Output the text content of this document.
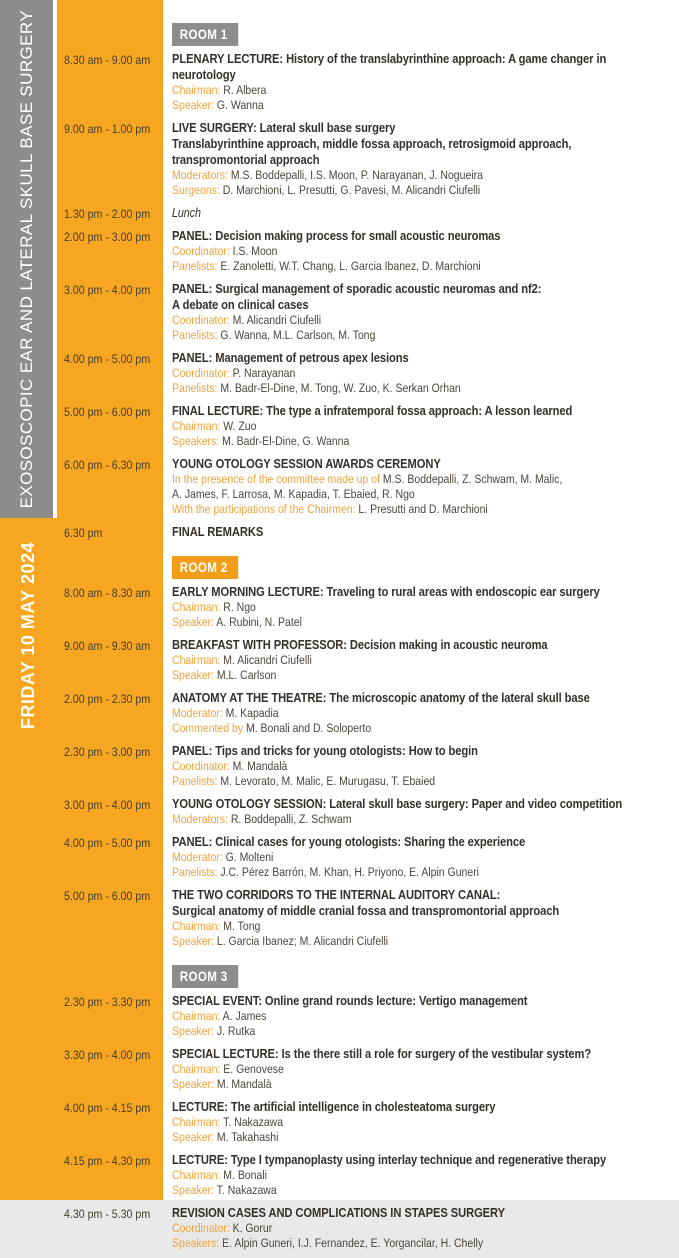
EXOSOSCOPIC EAR AND LATERAL SKULL BASE SURGERY
FRIDAY 10 MAY 2024
ROOM 1
8.30 am - 9.00 am	PLENARY LECTURE: History of the translabyrinthine approach: A game changer in neurotology
Chairman: R. Albera
Speaker: G. Wanna
9.00 am - 1.00 pm	LIVE SURGERY: Lateral skull base surgery
Translabyrinthine approach, middle fossa approach, retrosigmoid approach,
transpromontorial approach
Moderators: M.S. Boddepalli, I.S. Moon, P. Narayanan, J. Nogueira
Surgeons: D. Marchioni, L. Presutti, G. Pavesi, M. Alicandri Ciufelli
1.30 pm - 2.00 pm	Lunch
2.00 pm - 3.00 pm	PANEL: Decision making process for small acoustic neuromas
Coordinator: I.S. Moon
Panelists: E. Zanoletti, W.T. Chang, L. Garcia Ibanez, D. Marchioni
3.00 pm - 4.00 pm	PANEL: Surgical management of sporadic acoustic neuromas and nf2:
A debate on clinical cases
Coordinator: M. Alicandri Ciufelli
Panelists: G. Wanna, M.L. Carlson, M. Tong
4.00 pm - 5.00 pm	PANEL: Management of petrous apex lesions
Coordinator: P. Narayanan
Panelists: M. Badr-El-Dine, M. Tong, W. Zuo, K. Serkan Orhan
5.00 pm - 6.00 pm	FINAL LECTURE: The type a infratemporal fossa approach: A lesson learned
Chairman: W. Zuo
Speakers: M. Badr-El-Dine, G. Wanna
6.00 pm - 6.30 pm	YOUNG OTOLOGY SESSION AWARDS CEREMONY
In the presence of the committee made up of M.S. Boddepalli, Z. Schwam, M. Malic,
A. James, F. Larrosa, M. Kapadia, T. Ebaied, R. Ngo
With the participations of the Chairmen: L. Presutti and D. Marchioni
6.30 pm	FINAL REMARKS
ROOM 2
8.00 am - 8.30 am	EARLY MORNING LECTURE: Traveling to rural areas with endoscopic ear surgery
Chairman: R. Ngo
Speaker: A. Rubini, N. Patel
9.00 am - 9.30 am	BREAKFAST WITH PROFESSOR: Decision making in acoustic neuroma
Chairman: M. Alicandri Ciufelli
Speaker: M.L. Carlson
2.00 pm - 2.30 pm	ANATOMY AT THE THEATRE: The microscopic anatomy of the lateral skull base
Moderator: M. Kapadia
Commented by M. Bonali and D. Soloperto
2.30 pm - 3.00 pm	PANEL: Tips and tricks for young otologists: How to begin
Coordinator: M. Mandalà
Panelists: M. Levorato, M. Malic, E. Murugasu, T. Ebaied
3.00 pm - 4.00 pm	YOUNG OTOLOGY SESSION: Lateral skull base surgery: Paper and video competition
Moderators: R. Boddepalli, Z. Schwam
4.00 pm - 5.00 pm	PANEL: Clinical cases for young otologists: Sharing the experience
Moderator: G. Molteni
Panelists: J.C. Pérez Barrón, M. Khan, H. Priyono, E. Alpin Guneri
5.00 pm - 6.00 pm	THE TWO CORRIDORS TO THE INTERNAL AUDITORY CANAL:
Surgical anatomy of middle cranial fossa and transpromontorial approach
Chairman: M. Tong
Speaker: L. Garcia Ibanez; M. Alicandri Ciufelli
ROOM 3
2.30 pm - 3.30 pm	SPECIAL EVENT: Online grand rounds lecture: Vertigo management
Chairman: A. James
Speaker: J. Rutka
3.30 pm - 4.00 pm	SPECIAL LECTURE: Is the there still a role for surgery of the vestibular system?
Chairman: E. Genovese
Speaker: M. Mandalà
4.00 pm - 4.15 pm	LECTURE: The artificial intelligence in cholesteatoma surgery
Chairman: T. Nakazawa
Speaker: M. Takahashi
4.15 pm - 4.30 pm	LECTURE: Type I tympanoplasty using interlay technique and regenerative therapy
Chairman: M. Bonali
Speaker: T. Nakazawa
4.30 pm - 5.30 pm	REVISION CASES AND COMPLICATIONS IN STAPES SURGERY
Coordinator: K. Gorur
Speakers: E. Alpin Guneri, I.J. Fernandez, E. Yorgancilar, H. Chelly
